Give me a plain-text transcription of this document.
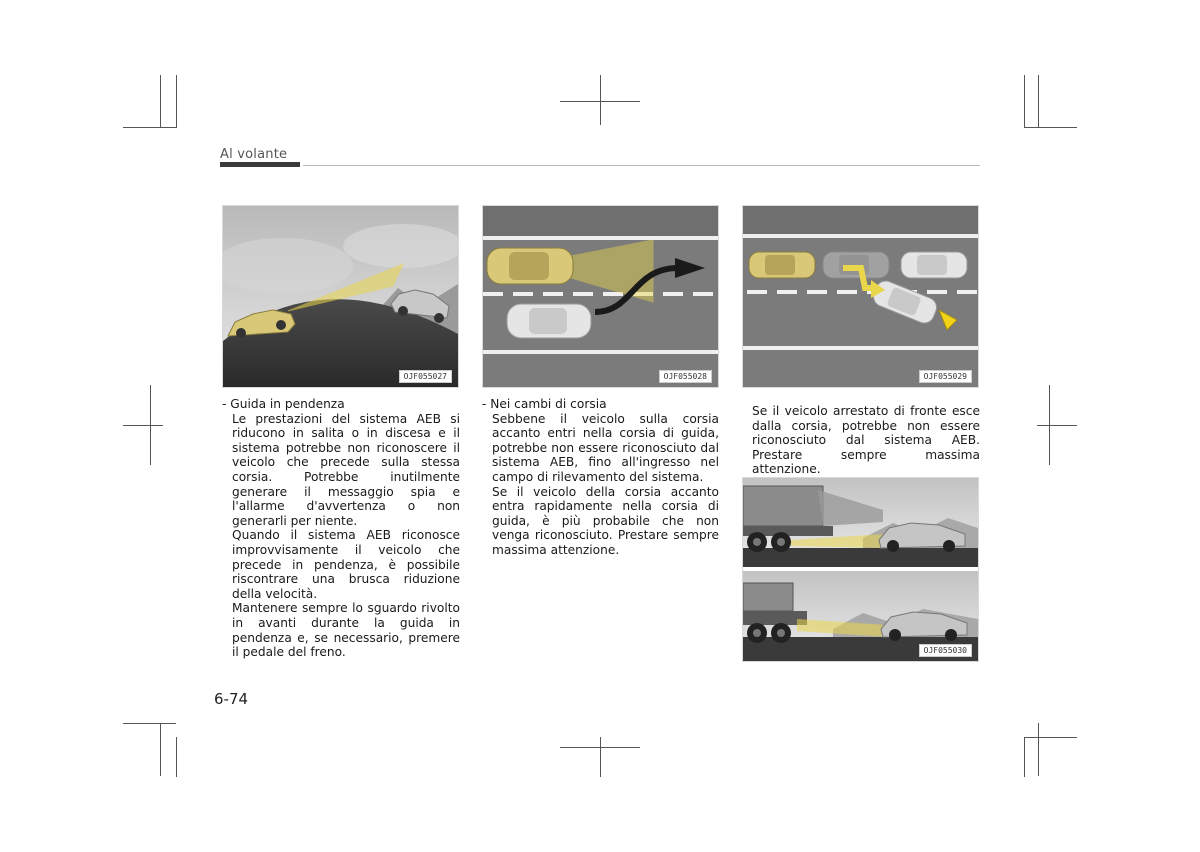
Al volante
OJF055027	OJF055028	OJF055029
OJF055030

- Guida in pendenza

Le prestazioni del sistema AEB si riducono in salita o in discesa e il sistema potrebbe non riconoscere il veicolo che precede sulla stessa corsia. Potrebbe inutilmente generare il messaggio spia e l'allarme d'avvertenza o non generarli per niente.

Quando il sistema AEB riconosce improvvisamente il veicolo che precede in pendenza, è possibile riscontrare una brusca riduzione della velocità.

Mantenere sempre lo sguardo rivolto in avanti durante la guida in pendenza e, se necessario, premere il pedale del freno.

- Nei cambi di corsia

Sebbene il veicolo sulla corsia accanto entri nella corsia di guida, potrebbe non essere riconosciuto dal sistema AEB, fino all'ingresso nel campo di rilevamento del sistema.

Se il veicolo della corsia accanto entra rapidamente nella corsia di guida, è più probabile che non venga riconosciuto. Prestare sempre massima attenzione.

Se il veicolo arrestato di fronte esce dalla corsia, potrebbe non essere riconosciuto dal sistema AEB. Prestare sempre massima attenzione.

6-74
